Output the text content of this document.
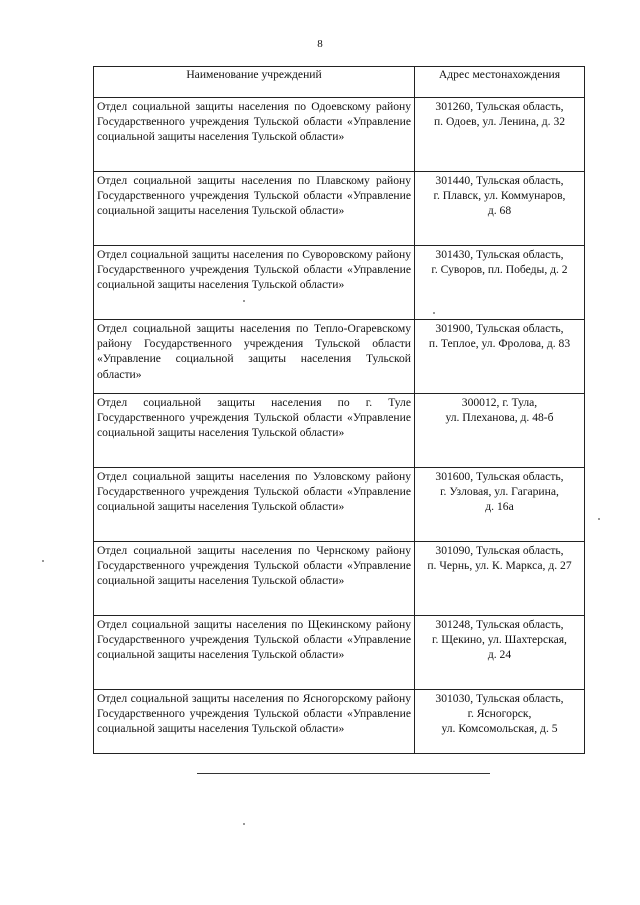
8
Наименование учреждений	Адрес местонахождения
Отдел социальной защиты населения по Одоевскому району Государственного учреждения Тульской области «Управление социальной защиты населения Тульской области»	301260, Тульская область,
п. Одоев, ул. Ленина, д. 32

Отдел социальной защиты населения по Плавскому району Государственного учреждения Тульской области «Управление социальной защиты населения Тульской области»	301440, Тульская область,
г. Плавск, ул. Коммунаров,
д. 68

Отдел социальной защиты населения по Суворовскому району Государственного учреждения Тульской области «Управление социальной защиты населения Тульской области»	301430, Тульская область,
г. Суворов, пл. Победы, д. 2

Отдел социальной защиты населения по Тепло-Огаревскому району Государственного учреждения Тульской области «Управление социальной защиты населения Тульской области»	301900, Тульская область,
п. Теплое, ул. Фролова, д. 83

Отдел социальной защиты населения по г. Туле Государственного учреждения Тульской области «Управление социальной защиты населения Тульской области»	300012, г. Тула,
ул. Плеханова, д. 48-б

Отдел социальной защиты населения по Узловскому району Государственного учреждения Тульской области «Управление социальной защиты населения Тульской области»	301600, Тульская область,
г. Узловая, ул. Гагарина,
д. 16а

Отдел социальной защиты населения по Чернскому району Государственного учреждения Тульской области «Управление социальной защиты населения Тульской области»	301090, Тульская область,
п. Чернь, ул. К. Маркса, д. 27

Отдел социальной защиты населения по Щекинскому району Государственного учреждения Тульской области «Управление социальной защиты населения Тульской области»	301248, Тульская область,
г. Щекино, ул. Шахтерская,
д. 24

Отдел социальной защиты населения по Ясногорскому району Государственного учреждения Тульской области «Управление социальной защиты населения Тульской области»	301030, Тульская область,
г. Ясногорск,
ул. Комсомольская, д. 5
